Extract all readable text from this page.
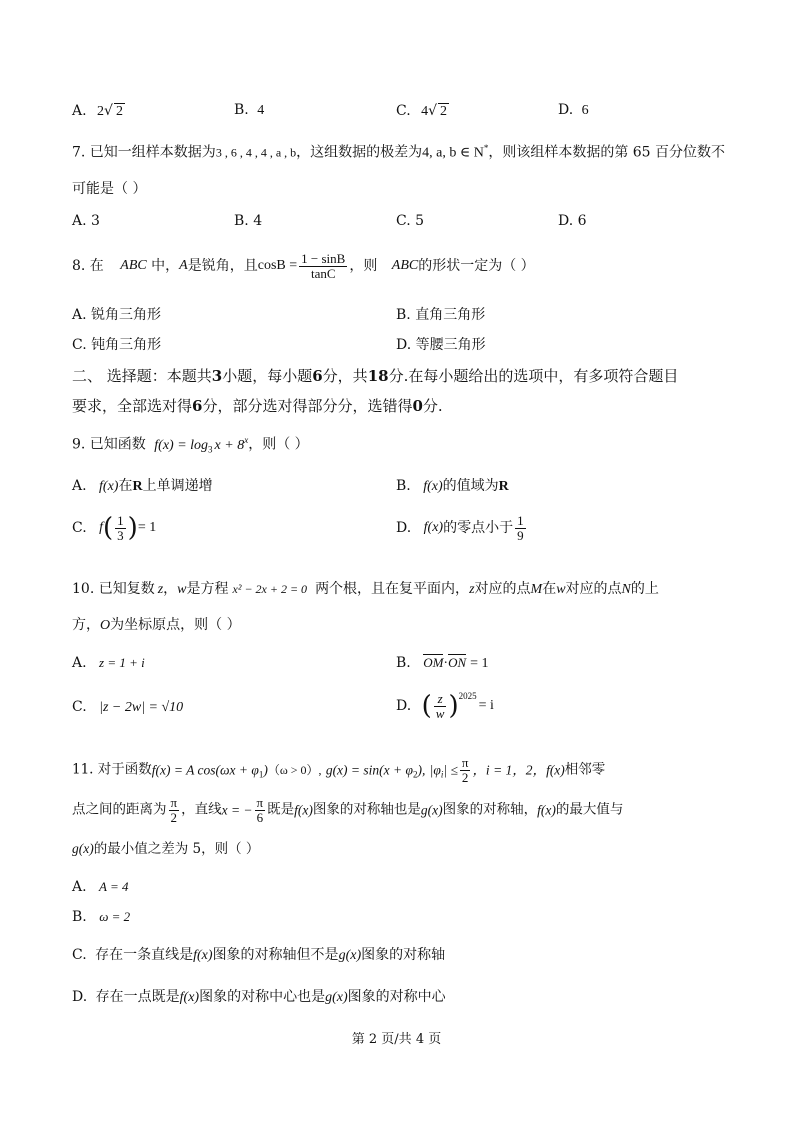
A. 2√ 2	B. 4	C. 4√ 2	D. 6
7. 已知一组样本数据为3 , 6 , 4 , 4 , a , b，这组数据的极差为4, a, b ∈ N*，则该组样本数据的第 65 百分位数不
可能是（ ）
A. 3	B. 4	C. 5	D. 6
8. 在 ABC 中，A是锐角，且$\cos B = \frac{1 - \sin B}{\tan C}$ ，则 ABC的形状一定为（ ）
A. 锐角三角形	B. 直角三角形
C. 钝角三角形	D. 等腰三角形
二、 选择题：本题共3小题，每小题6分，共18分.在每小题给出的选项中，有多项符合题目
要求，全部选对得6分，部分选对得部分分，选错得0分.
9. 已知函数 $f(x) = \log_3 x + 8^x$，则（ ）
A. f(x)在R上单调递增	B. f(x)的值域为R
C. $f( \frac{1}{3}$ )= 1	D. f(x)的零点小于 $\frac{1}{9}$
10. 已知复数 z，w是方程 x² − 2x + 2 = 0 两个根，且在复平面内，z对应的点M在w对应的点N的上
方，O为坐标原点，则（ ）
A. z = 1 + i	B. OM·ON = 1
C. |z − 2w| = √10	D. ( $\frac{z}{w} )^{2025}= i$
11. 对于函数f(x) = A $\cos(\omega x + \varphi_1)(\omega > 0)$, $g(x) = \sin(x + \varphi_2)$, $|\varphi_i| \le \frac{\pi}{2}$ ，i = 1，2，f(x)相邻零
点之间的距离为 $\frac{\pi}{2}$ ，直线x = − $\frac{\pi}{6}$ 既是f(x)图象的对称轴也是g(x)图象的对称轴，f(x)的最大值与
g(x)的最小值之差为 5，则（ ）
A. A = 4
B. ω = 2
C. 存在一条直线是f(x)图象的对称轴但不是g(x)图象的对称轴
D. 存在一点既是f(x)图象的对称中心也是g(x)图象的对称中心
第 2 页/共 4 页
